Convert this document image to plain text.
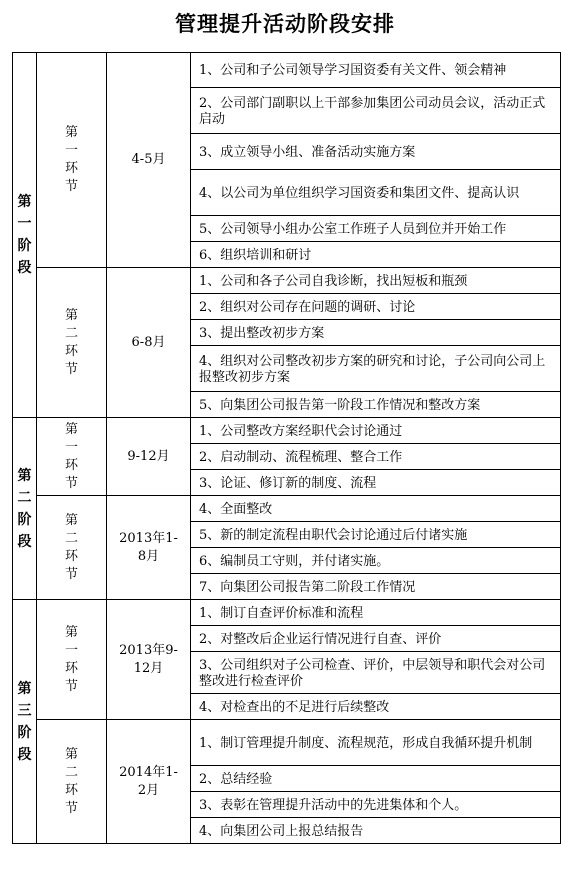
管理提升活动阶段安排
第一阶段	第一环节	4-5月	1、公司和子公司领导学习国资委有关文件、领会精神
			2、公司部门副职以上干部参加集团公司动员会议，活动正式启动
			3、成立领导小组、准备活动实施方案
			4、以公司为单位组织学习国资委和集团文件、提高认识
			5、公司领导小组办公室工作班子人员到位并开始工作
			6、组织培训和研讨
	第二环节	6-8月	1、公司和各子公司自我诊断，找出短板和瓶颈
			2、组织对公司存在问题的调研、讨论
			3、提出整改初步方案
			4、组织对公司整改初步方案的研究和讨论，子公司向公司上报整改初步方案
			5、向集团公司报告第一阶段工作情况和整改方案
第二阶段	第一环节	9-12月	1、公司整改方案经职代会讨论通过
			2、启动制动、流程梳理、整合工作
			3、论证、修订新的制度、流程
	第二环节	2013年1-8月	4、全面整改
			5、新的制定流程由职代会讨论通过后付诸实施
			6、编制员工守则，并付诸实施。
			7、向集团公司报告第二阶段工作情况
第三阶段	第一环节	2013年9-12月	1、制订自查评价标准和流程
			2、对整改后企业运行情况进行自查、评价
			3、公司组织对子公司检查、评价，中层领导和职代会对公司整改进行检查评价
			4、对检查出的不足进行后续整改
	第二环节	2014年1-2月	1、制订管理提升制度、流程规范，形成自我循环提升机制
			2、总结经验
			3、表彰在管理提升活动中的先进集体和个人。
			4、向集团公司上报总结报告
